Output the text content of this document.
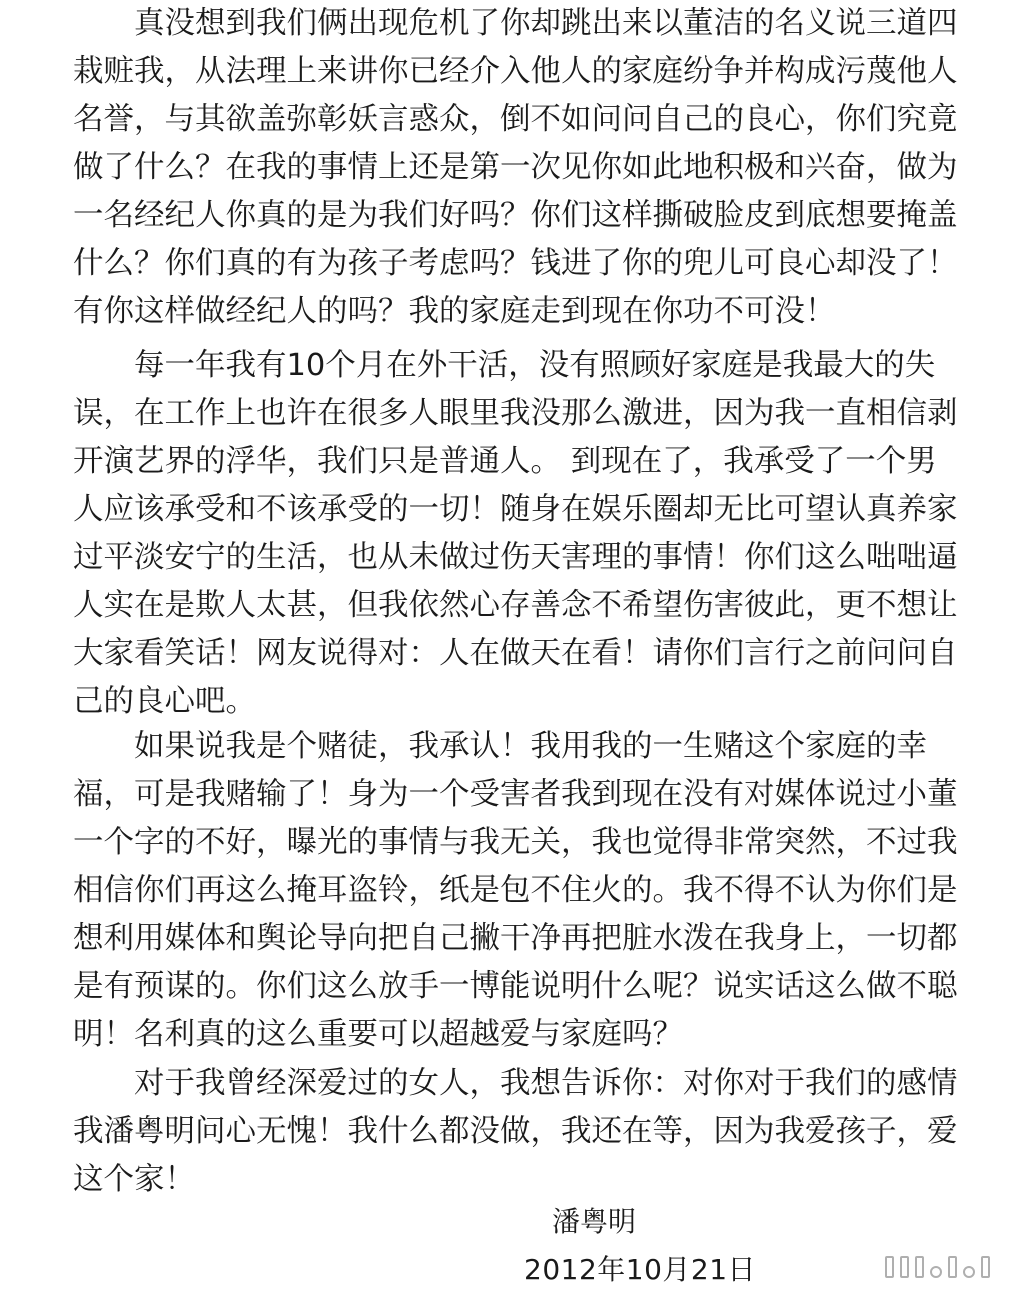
　　真没想到我们俩出现危机了你却跳出来以董洁的名义说三道四
栽赃我，从法理上来讲你已经介入他人的家庭纷争并构成污蔑他人
名誉，与其欲盖弥彰妖言惑众，倒不如问问自己的良心，你们究竟
做了什么？在我的事情上还是第一次见你如此地积极和兴奋，做为
一名经纪人你真的是为我们好吗？你们这样撕破脸皮到底想要掩盖
什么？你们真的有为孩子考虑吗？钱进了你的兜儿可良心却没了！
有你这样做经纪人的吗？我的家庭走到现在你功不可没！
　　每一年我有10个月在外干活，没有照顾好家庭是我最大的失
误，在工作上也许在很多人眼里我没那么激进，因为我一直相信剥
开演艺界的浮华，我们只是普通人。 到现在了，我承受了一个男
人应该承受和不该承受的一切！随身在娱乐圈却无比可望认真养家
过平淡安宁的生活，也从未做过伤天害理的事情！你们这么咄咄逼
人实在是欺人太甚，但我依然心存善念不希望伤害彼此，更不想让
大家看笑话！网友说得对：人在做天在看！请你们言行之前问问自
己的良心吧。
　　如果说我是个赌徒，我承认！我用我的一生赌这个家庭的幸
福，可是我赌输了！身为一个受害者我到现在没有对媒体说过小董
一个字的不好，曝光的事情与我无关，我也觉得非常突然，不过我
相信你们再这么掩耳盗铃，纸是包不住火的。我不得不认为你们是
想利用媒体和舆论导向把自己撇干净再把脏水泼在我身上，一切都
是有预谋的。你们这么放手一博能说明什么呢？说实话这么做不聪
明！名利真的这么重要可以超越爱与家庭吗？
　　对于我曾经深爱过的女人，我想告诉你：对你对于我们的感情
我潘粤明问心无愧！我什么都没做，我还在等，因为我爱孩子，爱
这个家！
潘粤明
2012年10月21日
